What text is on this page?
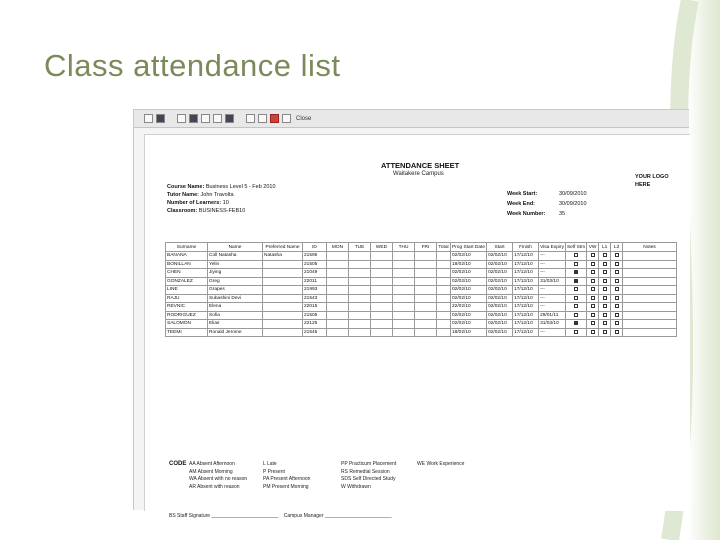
Class attendance list
Close
ATTENDANCE SHEET
Waitakere Campus	YOUR LOGO HERE
Course Name: Business Level 5 - Feb 2010
Tutor Name: John Travolta
Number of Learners: 10
Classroom: BUSINESS-FEB10
Week Start:	30/09/2010
Week End:	30/09/2010
Week Number: 35
Surname	Name	Preferred Name	ID	MON	TUE	WED	THU	FRI	Total	Prog Start Date	Start	Finish	Visa Expiry	Self Stm	VW	L1	L2	Notes
BANANA	Coll Natasha	Natasha	21595							02/02/10	02/02/10	17/12/10	---					
BONILLAN	Yelin		21505							18/02/10	02/02/10	17/12/10	---					
CHEN	Jiying		21049							02/02/10	02/02/10	17/12/10	---					
GONZALEZ	Greg		22011							02/02/10	02/02/10	17/12/10	31/03/10					
LINE	Grapes		21993							02/02/10	02/02/10	17/12/10	---					
RAJU	Subashini Devi		21543							02/02/10	02/02/10	17/12/10	---					
REVNIC	Elena		22015							22/02/10	02/02/10	17/12/10	---					
RODRIGUEZ	Sofia		21505							02/02/10	02/02/10	17/12/10	29/01/11					
SALOMON	Elias		22125							02/02/10	02/02/10	17/12/10	31/03/10					
TEEMI	Ronald Jerome		21545							18/02/10	02/02/10	17/12/10	---					
CODE AA Absent Afternoon
AM Absent Morning
WA Absent with no reason
AR Absent with reason
L Late
P Present
PA Present Afternoon
PM Present Morning
PP Practicum Placement
RS Remedial Session
SDS Self Directed Study
W Withdrawn
WE Work Experience
BS Staff Signature ________________________ Campus Manager ________________________
